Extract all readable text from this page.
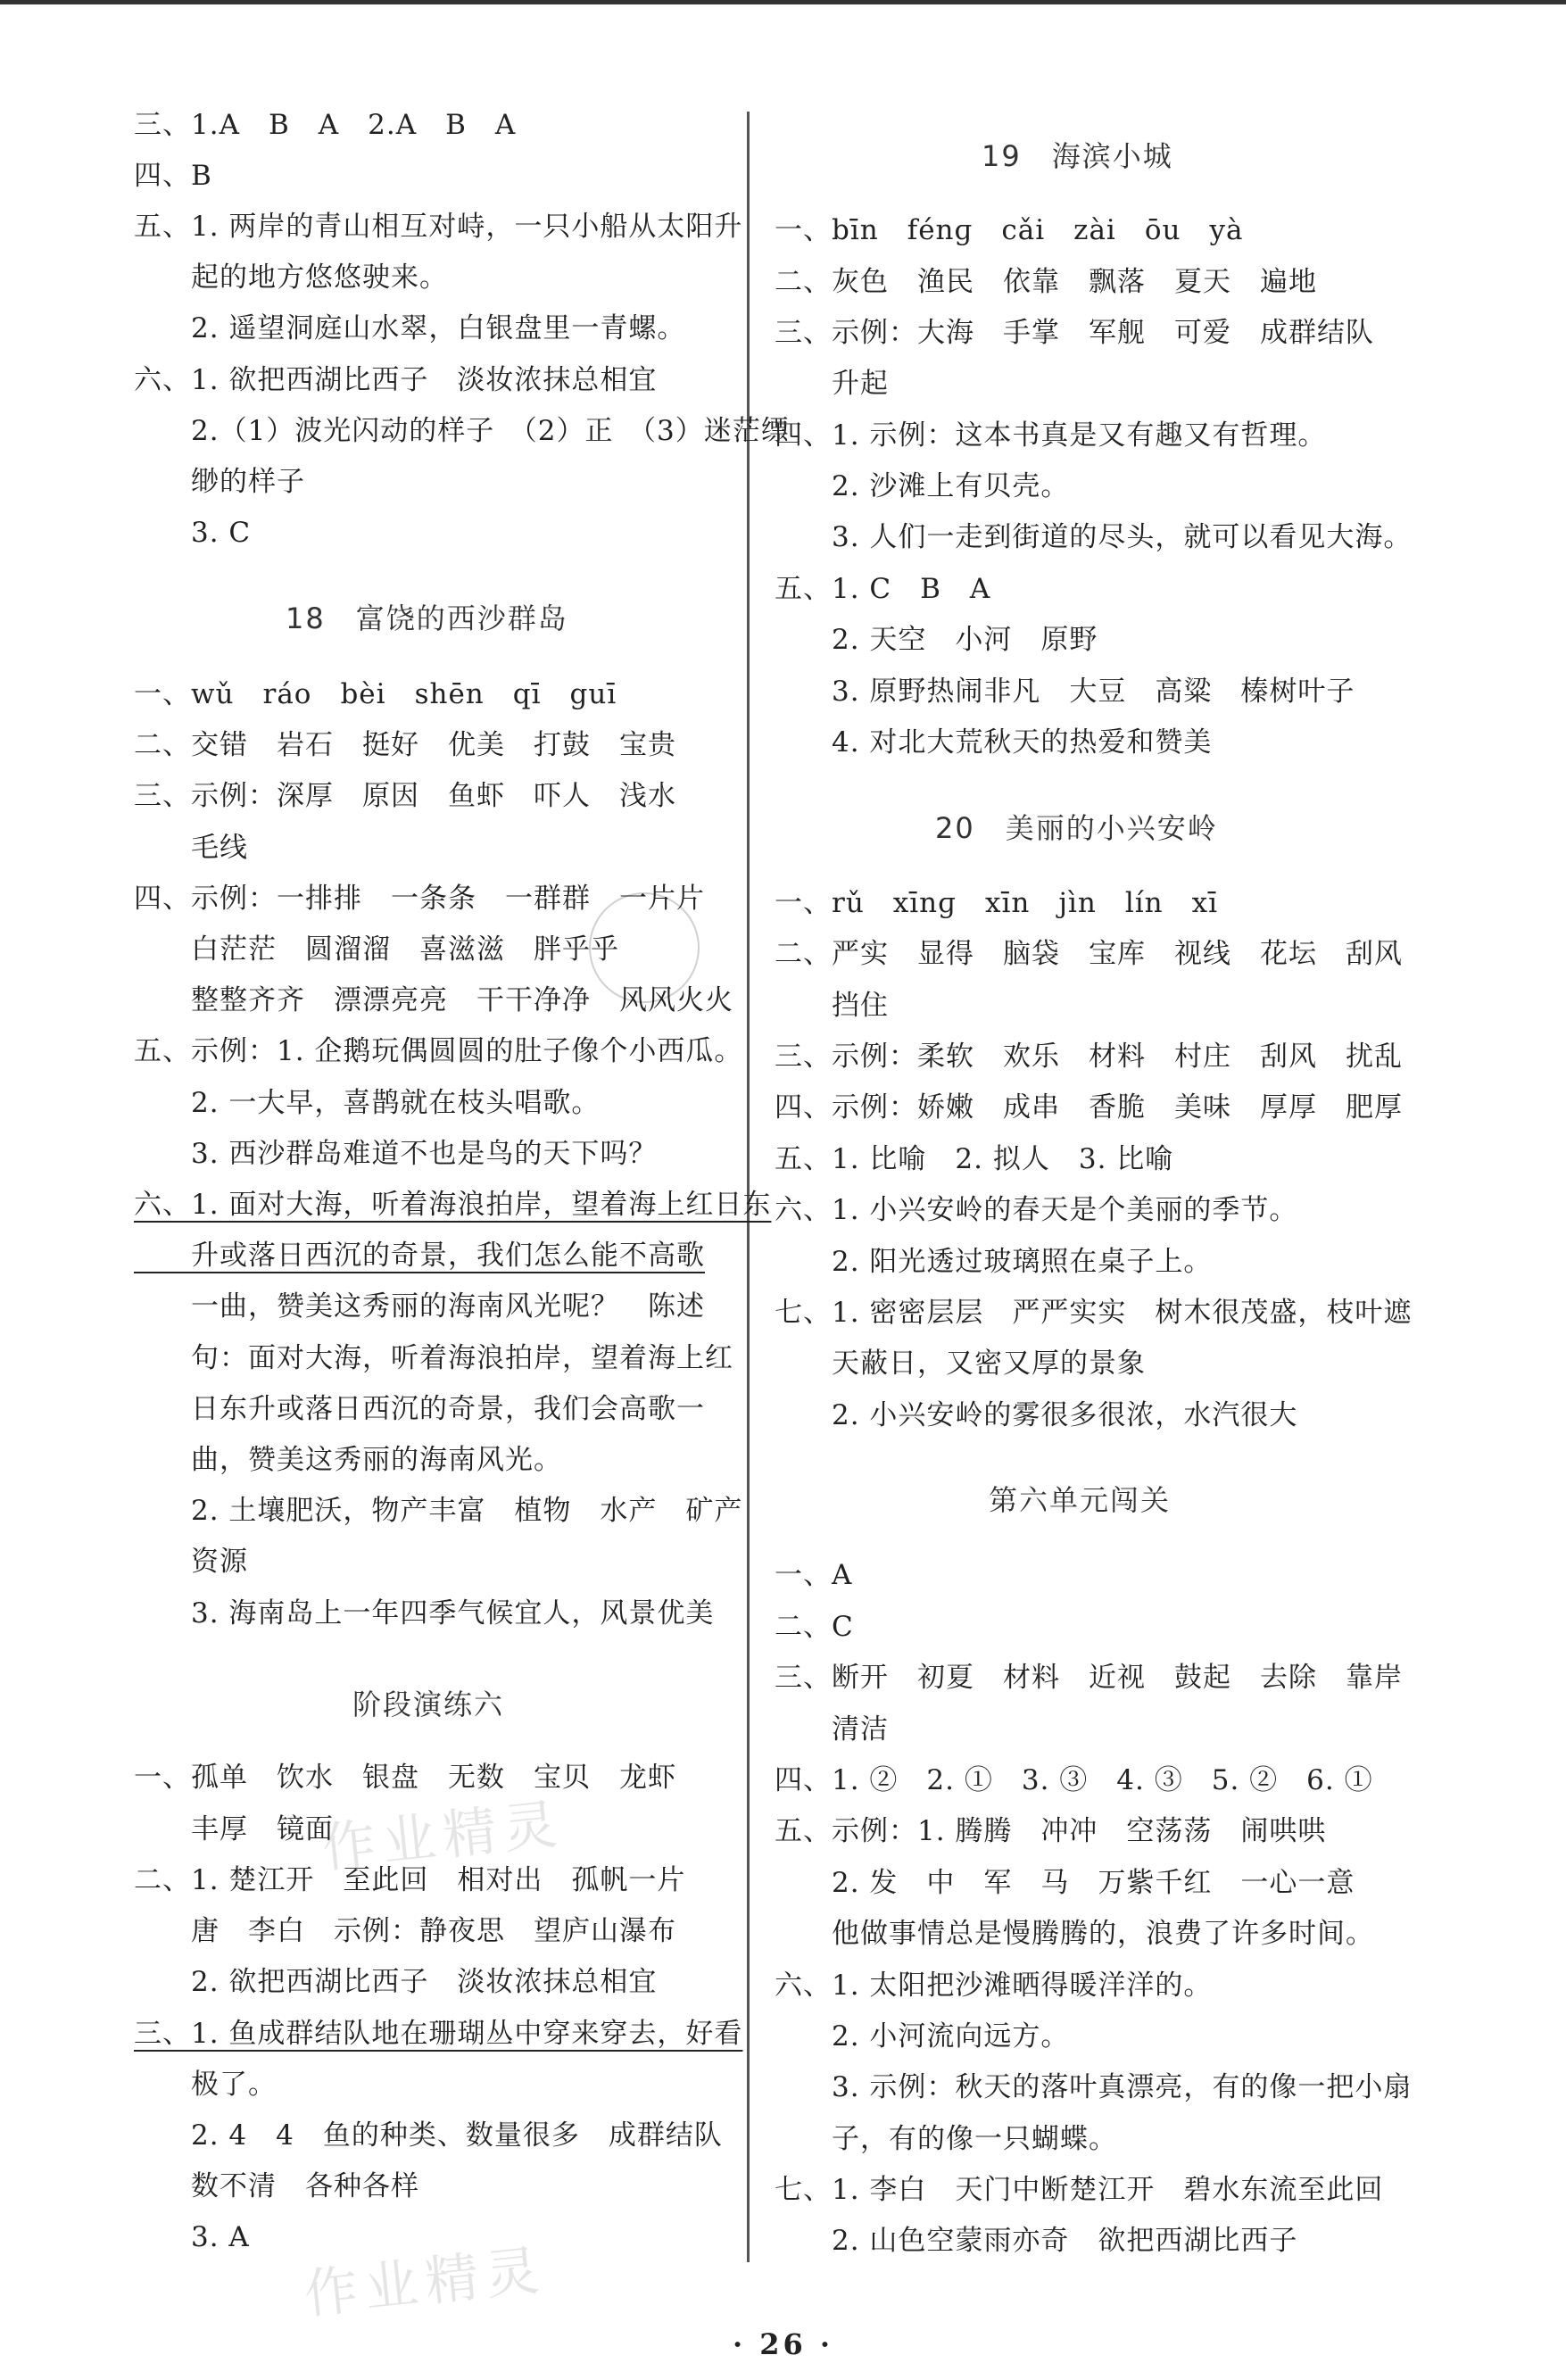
三、1.A　B　A　2.A　B　A
四、B
五、1. 两岸的青山相互对峙，一只小船从太阳升
　　起的地方悠悠驶来。
　　2. 遥望洞庭山水翠，白银盘里一青螺。
六、1. 欲把西湖比西子　淡妆浓抹总相宜
　　2.（1）波光闪动的样子　（2）正　（3）迷茫缥
　　缈的样子
　　3. C
18　富饶的西沙群岛
一、wǔ　ráo　bèi　shēn　qī　guī
二、交错　岩石　挺好　优美　打鼓　宝贵
三、示例：深厚　原因　鱼虾　吓人　浅水
　　毛线
四、示例：一排排　一条条　一群群　一片片
　　白茫茫　圆溜溜　喜滋滋　胖乎乎
　　整整齐齐　漂漂亮亮　干干净净　风风火火
五、示例：1. 企鹅玩偶圆圆的肚子像个小西瓜。
　　2. 一大早，喜鹊就在枝头唱歌。
　　3. 西沙群岛难道不也是鸟的天下吗？
六、1. 面对大海，听着海浪拍岸，望着海上红日东
　　升或落日西沉的奇景，我们怎么能不高歌
　　一曲，赞美这秀丽的海南风光呢？　陈述
　　句：面对大海，听着海浪拍岸，望着海上红
　　日东升或落日西沉的奇景，我们会高歌一
　　曲，赞美这秀丽的海南风光。
　　2. 土壤肥沃，物产丰富　植物　水产　矿产
　　资源
　　3. 海南岛上一年四季气候宜人，风景优美
阶段演练六
一、孤单　饮水　银盘　无数　宝贝　龙虾
　　丰厚　镜面
二、1. 楚江开　至此回　相对出　孤帆一片
　　唐　李白　示例：静夜思　望庐山瀑布
　　2. 欲把西湖比西子　淡妆浓抹总相宜
三、1. 鱼成群结队地在珊瑚丛中穿来穿去，好看
　　极了。
　　2. 4　4　鱼的种类、数量很多　成群结队
　　数不清　各种各样
　　3. A
19　海滨小城
一、bīn　fénɡ　cǎi　zài　ōu　yà
二、灰色　渔民　依靠　飘落　夏天　遍地
三、示例：大海　手掌　军舰　可爱　成群结队
　　升起
四、1. 示例：这本书真是又有趣又有哲理。
　　2. 沙滩上有贝壳。
　　3. 人们一走到街道的尽头，就可以看见大海。
五、1. C　B　A
　　2. 天空　小河　原野
　　3. 原野热闹非凡　大豆　高粱　榛树叶子
　　4. 对北大荒秋天的热爱和赞美
20　美丽的小兴安岭
一、rǔ　xīnɡ　xīn　jìn　lín　xī
二、严实　显得　脑袋　宝库　视线　花坛　刮风
　　挡住
三、示例：柔软　欢乐　材料　村庄　刮风　扰乱
四、示例：娇嫩　成串　香脆　美味　厚厚　肥厚
五、1. 比喻　2. 拟人　3. 比喻
六、1. 小兴安岭的春天是个美丽的季节。
　　2. 阳光透过玻璃照在桌子上。
七、1. 密密层层　严严实实　树木很茂盛，枝叶遮
　　天蔽日，又密又厚的景象
　　2. 小兴安岭的雾很多很浓，水汽很大
第六单元闯关
一、A
二、C
三、断开　初夏　材料　近视　鼓起　去除　靠岸
　　清洁
四、1. ②　2. ①　3. ③　4. ③　5. ②　6. ①
五、示例：1. 腾腾　冲冲　空荡荡　闹哄哄
　　2. 发　中　军　马　万紫千红　一心一意
　　他做事情总是慢腾腾的，浪费了许多时间。
六、1. 太阳把沙滩晒得暖洋洋的。
　　2. 小河流向远方。
　　3. 示例：秋天的落叶真漂亮，有的像一把小扇
　　子，有的像一只蝴蝶。
七、1. 李白　天门中断楚江开　碧水东流至此回
　　2. 山色空蒙雨亦奇　欲把西湖比西子
作业精灵
作业精灵
· 26 ·
